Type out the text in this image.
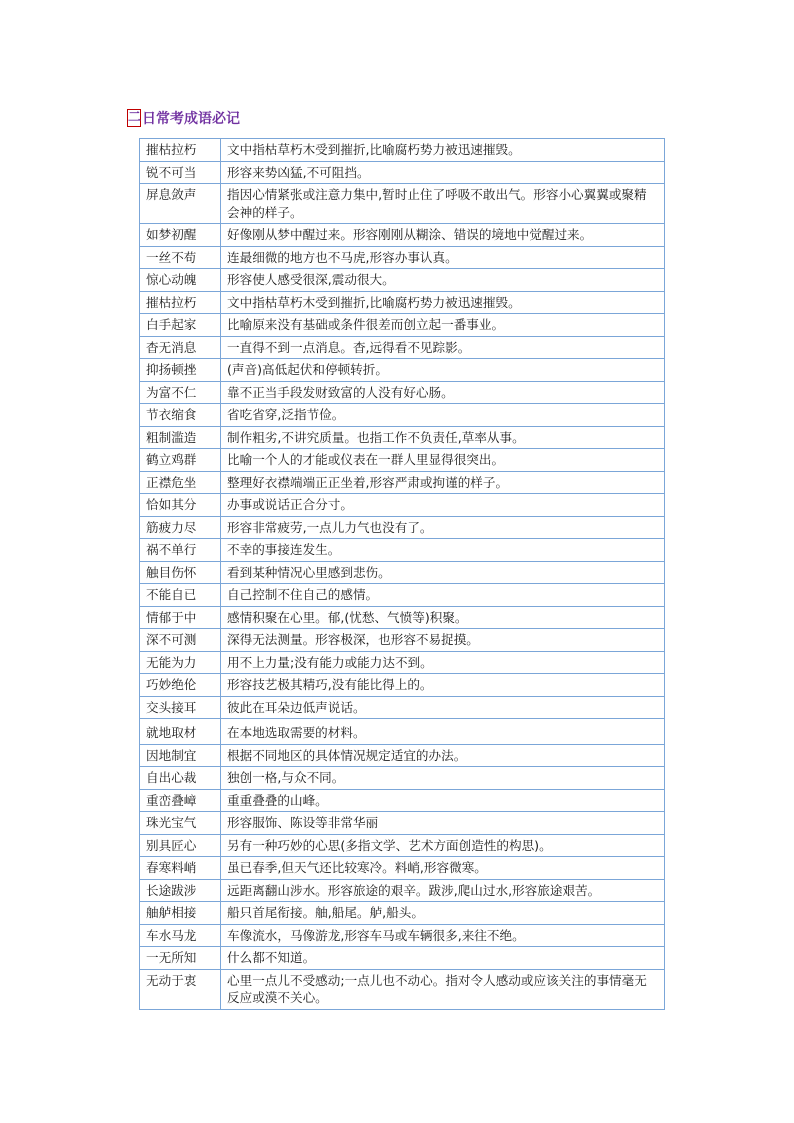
二 日常考成语必记
摧枯拉朽	文中指枯草朽木受到摧折,比喻腐朽势力被迅速摧毁。
锐不可当	形容来势凶猛,不可阻挡。
屏息敛声	指因心情紧张或注意力集中,暂时止住了呼吸不敢出气。形容小心翼翼或聚精会神的样子。
如梦初醒	好像刚从梦中醒过来。形容刚刚从糊涂、错误的境地中觉醒过来。
一丝不苟	连最细微的地方也不马虎,形容办事认真。
惊心动魄	形容使人感受很深,震动很大。
摧枯拉朽	文中指枯草朽木受到摧折,比喻腐朽势力被迅速摧毁。
白手起家	比喻原来没有基础或条件很差而创立起一番事业。
杳无消息	一直得不到一点消息。杳,远得看不见踪影。
抑扬顿挫	(声音)高低起伏和停顿转折。
为富不仁	靠不正当手段发财致富的人没有好心肠。
节衣缩食	省吃省穿,泛指节俭。
粗制滥造	制作粗劣,不讲究质量。也指工作不负责任,草率从事。
鹤立鸡群	比喻一个人的才能或仪表在一群人里显得很突出。
正襟危坐	整理好衣襟端端正正坐着,形容严肃或拘谨的样子。
恰如其分	办事或说话正合分寸。
筋疲力尽	形容非常疲劳,一点儿力气也没有了。
祸不单行	不幸的事接连发生。
触目伤怀	看到某种情况心里感到悲伤。
不能自已	自己控制不住自己的感情。
情郁于中	感情积聚在心里。郁,(忧愁、气愤等)积聚。
深不可测	深得无法测量。形容极深，也形容不易捉摸。
无能为力	用不上力量;没有能力或能力达不到。
巧妙绝伦	形容技艺极其精巧,没有能比得上的。
交头接耳	彼此在耳朵边低声说话。
就地取材	在本地选取需要的材料。
因地制宜	根据不同地区的具体情况规定适宜的办法。
自出心裁	独创一格,与众不同。
重峦叠嶂	重重叠叠的山峰。
珠光宝气	形容服饰、陈设等非常华丽
别具匠心	另有一种巧妙的心思(多指文学、艺术方面创造性的构思)。
春寒料峭	虽已春季,但天气还比较寒冷。料峭,形容微寒。
长途跋涉	远距离翻山涉水。形容旅途的艰辛。跋涉,爬山过水,形容旅途艰苦。
舳舻相接	船只首尾衔接。舳,船尾。舻,船头。
车水马龙	车像流水，马像游龙,形容车马或车辆很多,来往不绝。
一无所知	什么都不知道。
无动于衷	心里一点儿不受感动;一点儿也不动心。指对令人感动或应该关注的事情毫无反应或漠不关心。
